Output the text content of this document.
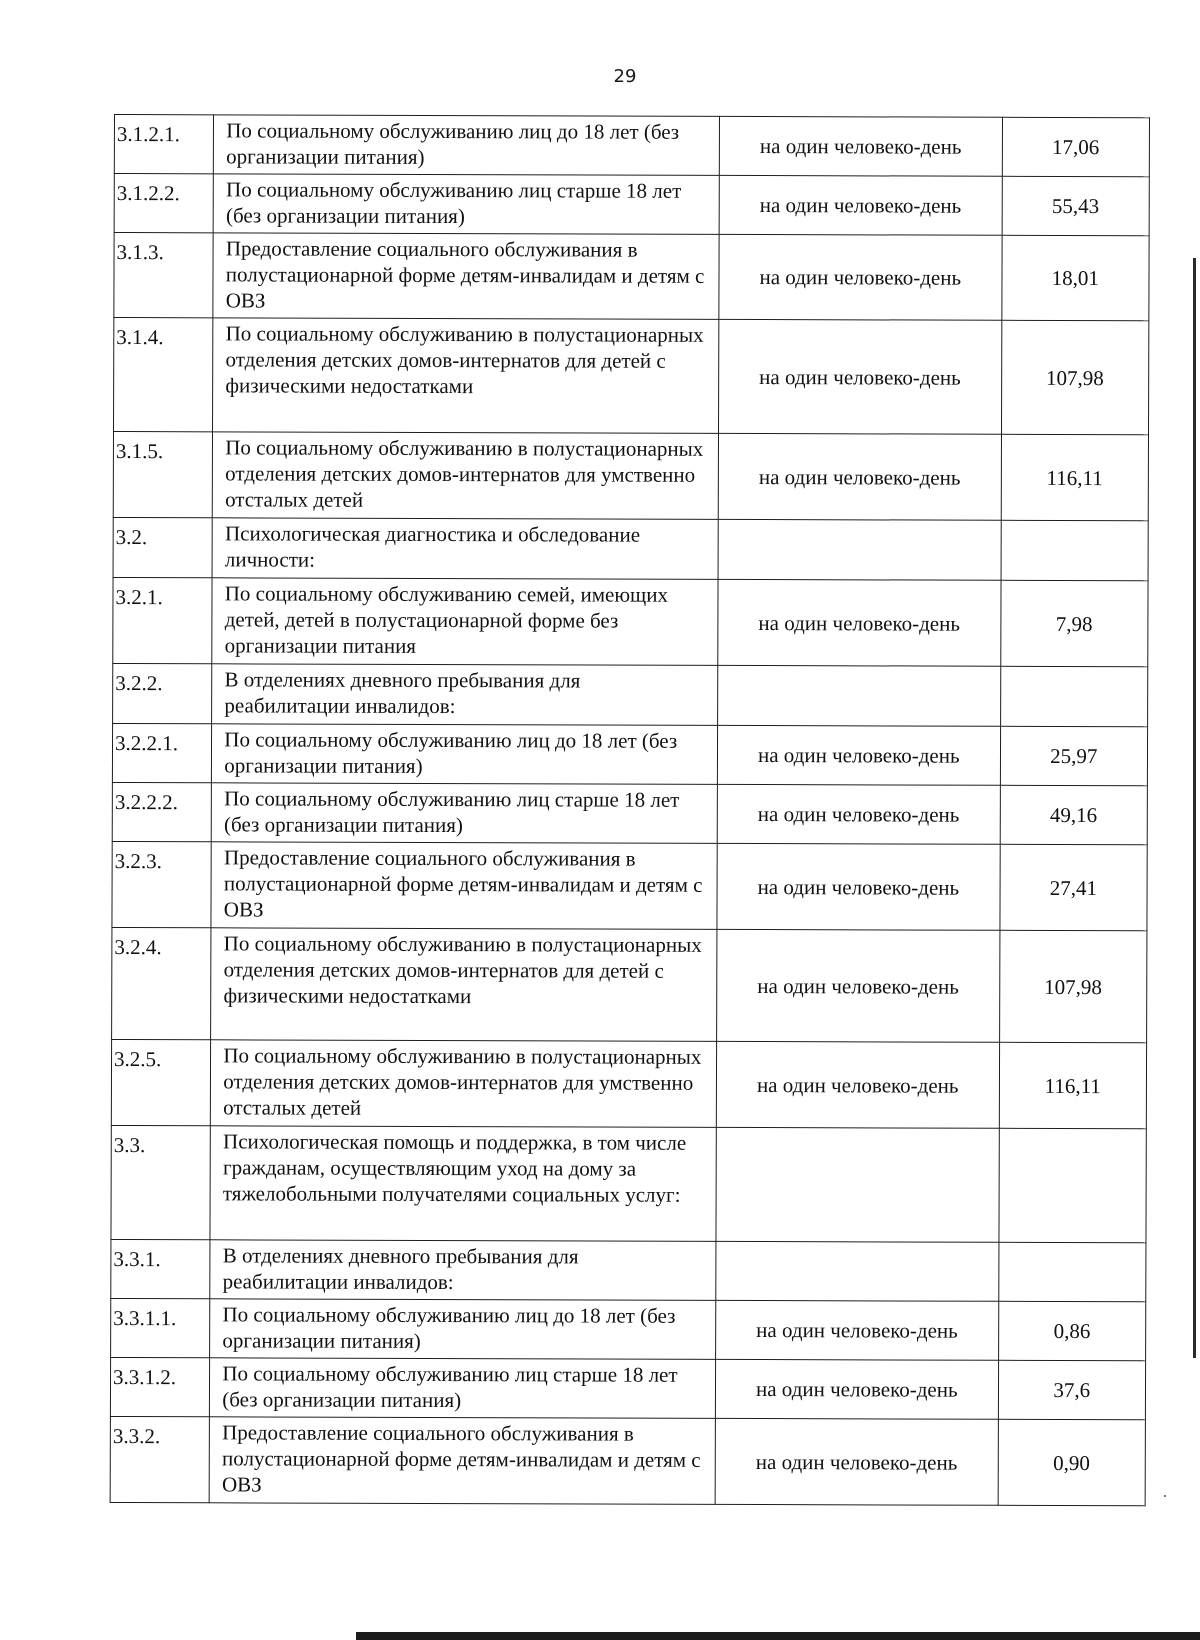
29
3.1.2.1.	По социальному обслуживанию лиц до 18 лет (без организации питания)	на один человеко-день	17,06
3.1.2.2.	По социальному обслуживанию лиц старше 18 лет (без организации питания)	на один человеко-день	55,43
3.1.3.	Предоставление социального обслуживания в полустационарной форме детям-инвалидам и детям с ОВЗ	на один человеко-день	18,01
3.1.4.	По социальному обслуживанию в полустационарных отделения детских домов-интернатов для детей с физическими недостатками	на один человеко-день	107,98
3.1.5.	По социальному обслуживанию в полустационарных отделения детских домов-интернатов для умственно отсталых детей	на один человеко-день	116,11
3.2.	Психологическая диагностика и обследование личности:		
3.2.1.	По социальному обслуживанию семей, имеющих детей, детей в полустационарной форме без организации питания	на один человеко-день	7,98
3.2.2.	В отделениях дневного пребывания для реабилитации инвалидов:		
3.2.2.1.	По социальному обслуживанию лиц до 18 лет (без организации питания)	на один человеко-день	25,97
3.2.2.2.	По социальному обслуживанию лиц старше 18 лет (без организации питания)	на один человеко-день	49,16
3.2.3.	Предоставление социального обслуживания в полустационарной форме детям-инвалидам и детям с ОВЗ	на один человеко-день	27,41
3.2.4.	По социальному обслуживанию в полустационарных отделения детских домов-интернатов для детей с физическими недостатками	на один человеко-день	107,98
3.2.5.	По социальному обслуживанию в полустационарных отделения детских домов-интернатов для умственно отсталых детей	на один человеко-день	116,11
3.3.	Психологическая помощь и поддержка, в том числе гражданам, осуществляющим уход на дому за тяжелобольными получателями социальных услуг:		
3.3.1.	В отделениях дневного пребывания для реабилитации инвалидов:		
3.3.1.1.	По социальному обслуживанию лиц до 18 лет (без организации питания)	на один человеко-день	0,86
3.3.1.2.	По социальному обслуживанию лиц старше 18 лет (без организации питания)	на один человеко-день	37,6
3.3.2.	Предоставление социального обслуживания в полустационарной форме детям-инвалидам и детям с ОВЗ	на один человеко-день	0,90
